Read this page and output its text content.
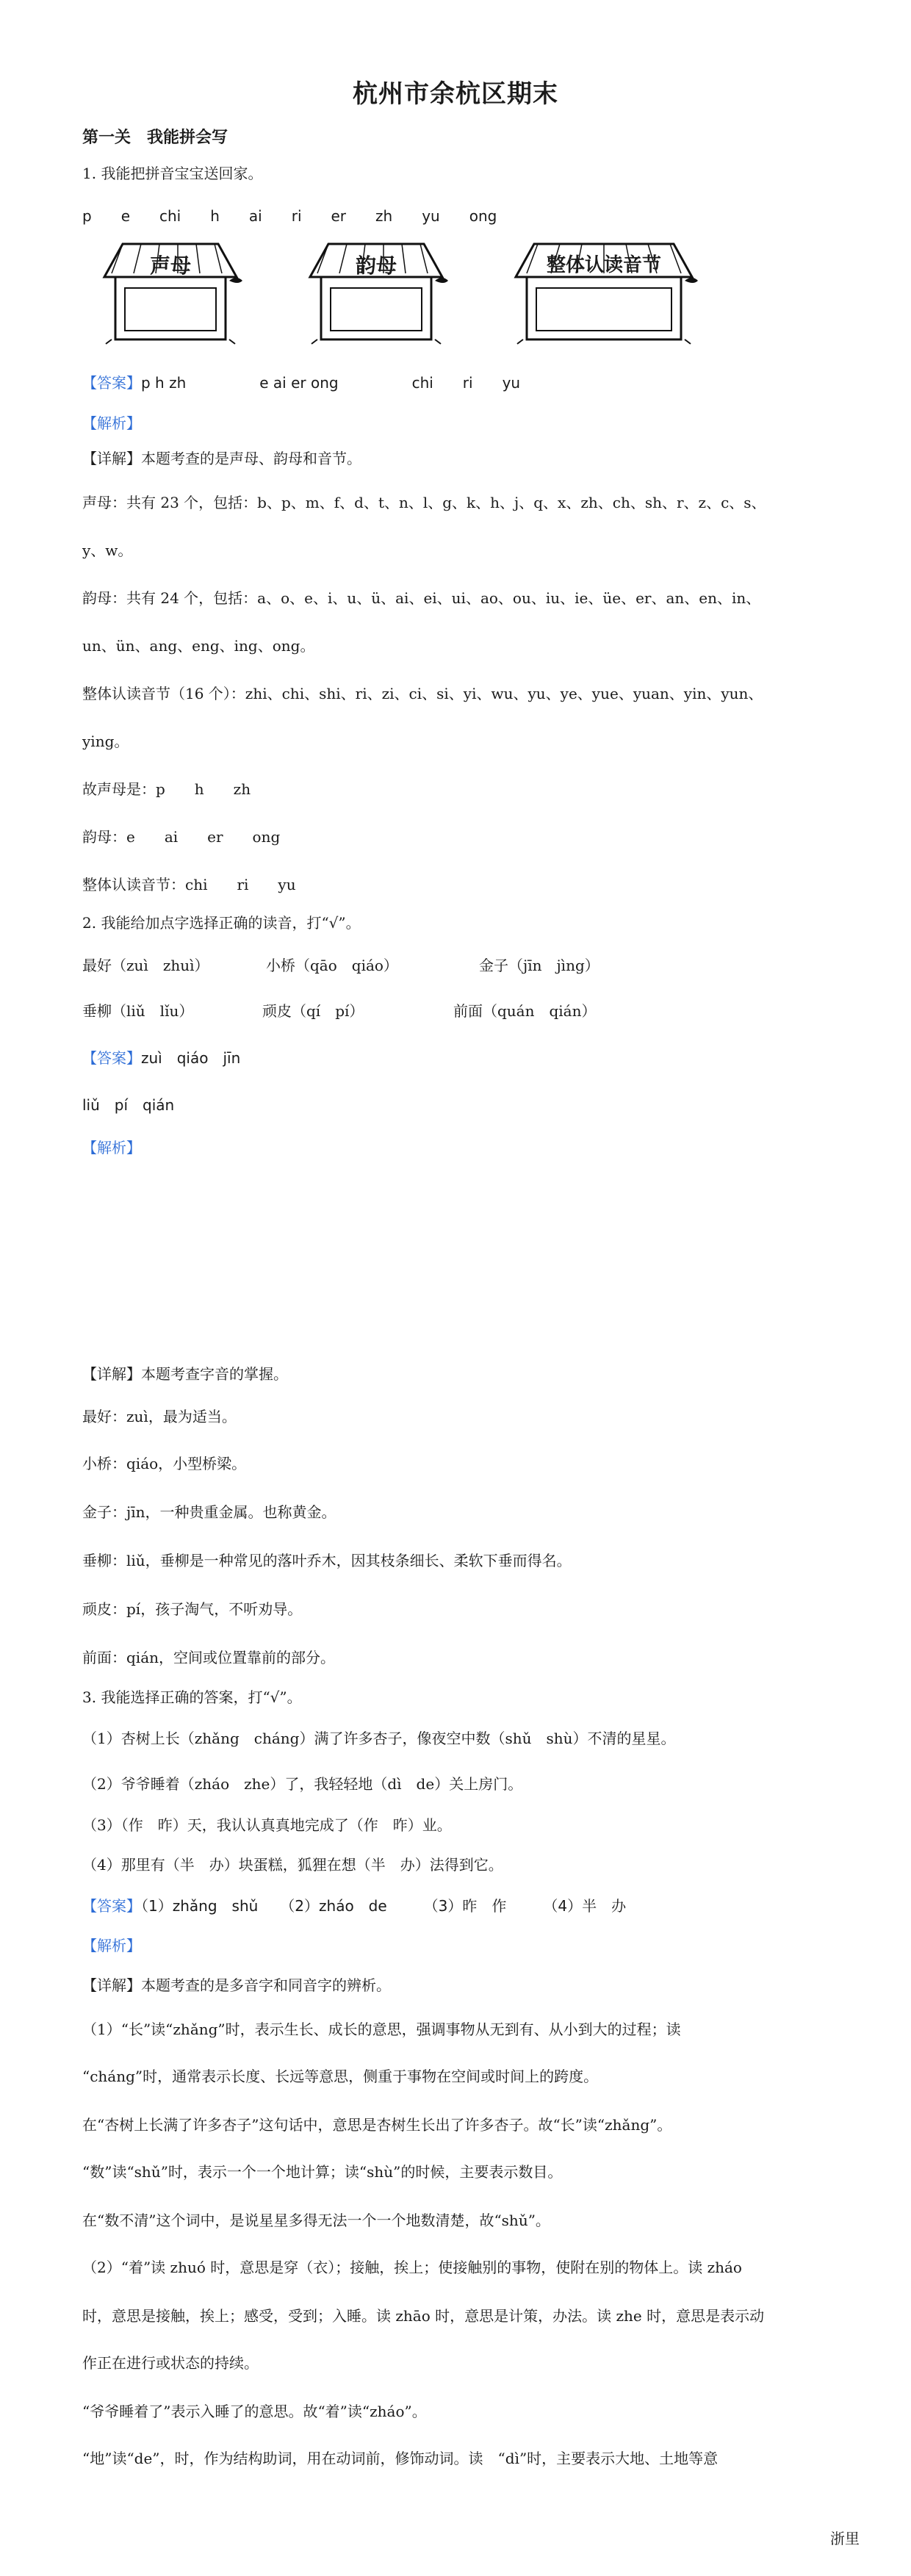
杭州市余杭区期末
第一关　我能拼会写
1. 我能把拼音宝宝送回家。
p　　e　　chi　　h　　ai　　ri　　er　　zh　　yu　　ong
声母	韵母	整体认读音节
【答案】p h zh　　　　　e ai er ong　　　　　chi　　ri　　yu
【解析】
【详解】本题考查的是声母、韵母和音节。
声母：共有 23 个，包括：b、p、m、f、d、t、n、l、g、k、h、j、q、x、zh、ch、sh、r、z、c、s、
y、w。
韵母：共有 24 个，包括：a、o、e、i、u、ü、ai、ei、ui、ao、ou、iu、ie、üe、er、an、en、in、
un、ün、ang、eng、ing、ong。
整体认读音节（16 个）：zhi、chi、shi、ri、zi、ci、si、yi、wu、yu、ye、yue、yuan、yin、yun、
ying。
故声母是：p　　h　　zh
韵母：e　　ai　　er　　ong
整体认读音节：chi　　ri　　yu
2. 我能给加点字选择正确的读音，打“√”。
最好（zuì　zhuì）	小桥（qāo　qiáo）	金子（jīn　jìng）
垂柳（liǔ　lǐu）	顽皮（qí　pí）	前面（quán　qián）
【答案】zuì　qiáo　jīn
liǔ　pí　qián
【解析】
【详解】本题考查字音的掌握。
最好：zuì，最为适当。
小桥：qiáo，小型桥梁。
金子：jīn，一种贵重金属。也称黄金。
垂柳：liǔ，垂柳是一种常见的落叶乔木，因其枝条细长、柔软下垂而得名。
顽皮：pí，孩子淘气，不听劝导。
前面：qián，空间或位置靠前的部分。
3. 我能选择正确的答案，打“√”。
（1）杏树上长（zhǎng　cháng）满了许多杏子，像夜空中数（shǔ　shù）不清的星星。
（2）爷爷睡着（zháo　zhe）了，我轻轻地（dì　de）关上房门。
（3）（作　昨）天，我认认真真地完成了（作　昨）业。
（4）那里有（半　办）块蛋糕，狐狸在想（半　办）法得到它。
【答案】（1）zhǎng　shǔ　　（2）zháo　de　　　（3）昨　作　　　（4）半　办
【解析】
【详解】本题考查的是多音字和同音字的辨析。
（1）“长”读“zhǎng”时，表示生长、成长的意思，强调事物从无到有、从小到大的过程；读
“cháng”时，通常表示长度、长远等意思，侧重于事物在空间或时间上的跨度。
在“杏树上长满了许多杏子”这句话中，意思是杏树生长出了许多杏子。故“长”读“zhǎng”。
“数”读“shǔ”时，表示一个一个地计算；读“shù”的时候，主要表示数目。
在“数不清”这个词中，是说星星多得无法一个一个地数清楚，故“shǔ”。
（2）“着”读 zhuó 时，意思是穿（衣）；接触，挨上；使接触别的事物，使附在别的物体上。读 zháo
时，意思是接触，挨上；感受，受到；入睡。读 zhāo 时，意思是计策，办法。读 zhe 时，意思是表示动
作正在进行或状态的持续。
“爷爷睡着了”表示入睡了的意思。故“着”读“zháo”。
“地”读“de”，时，作为结构助词，用在动词前，修饰动词。读　“dì”时，主要表示大地、土地等意
浙里
